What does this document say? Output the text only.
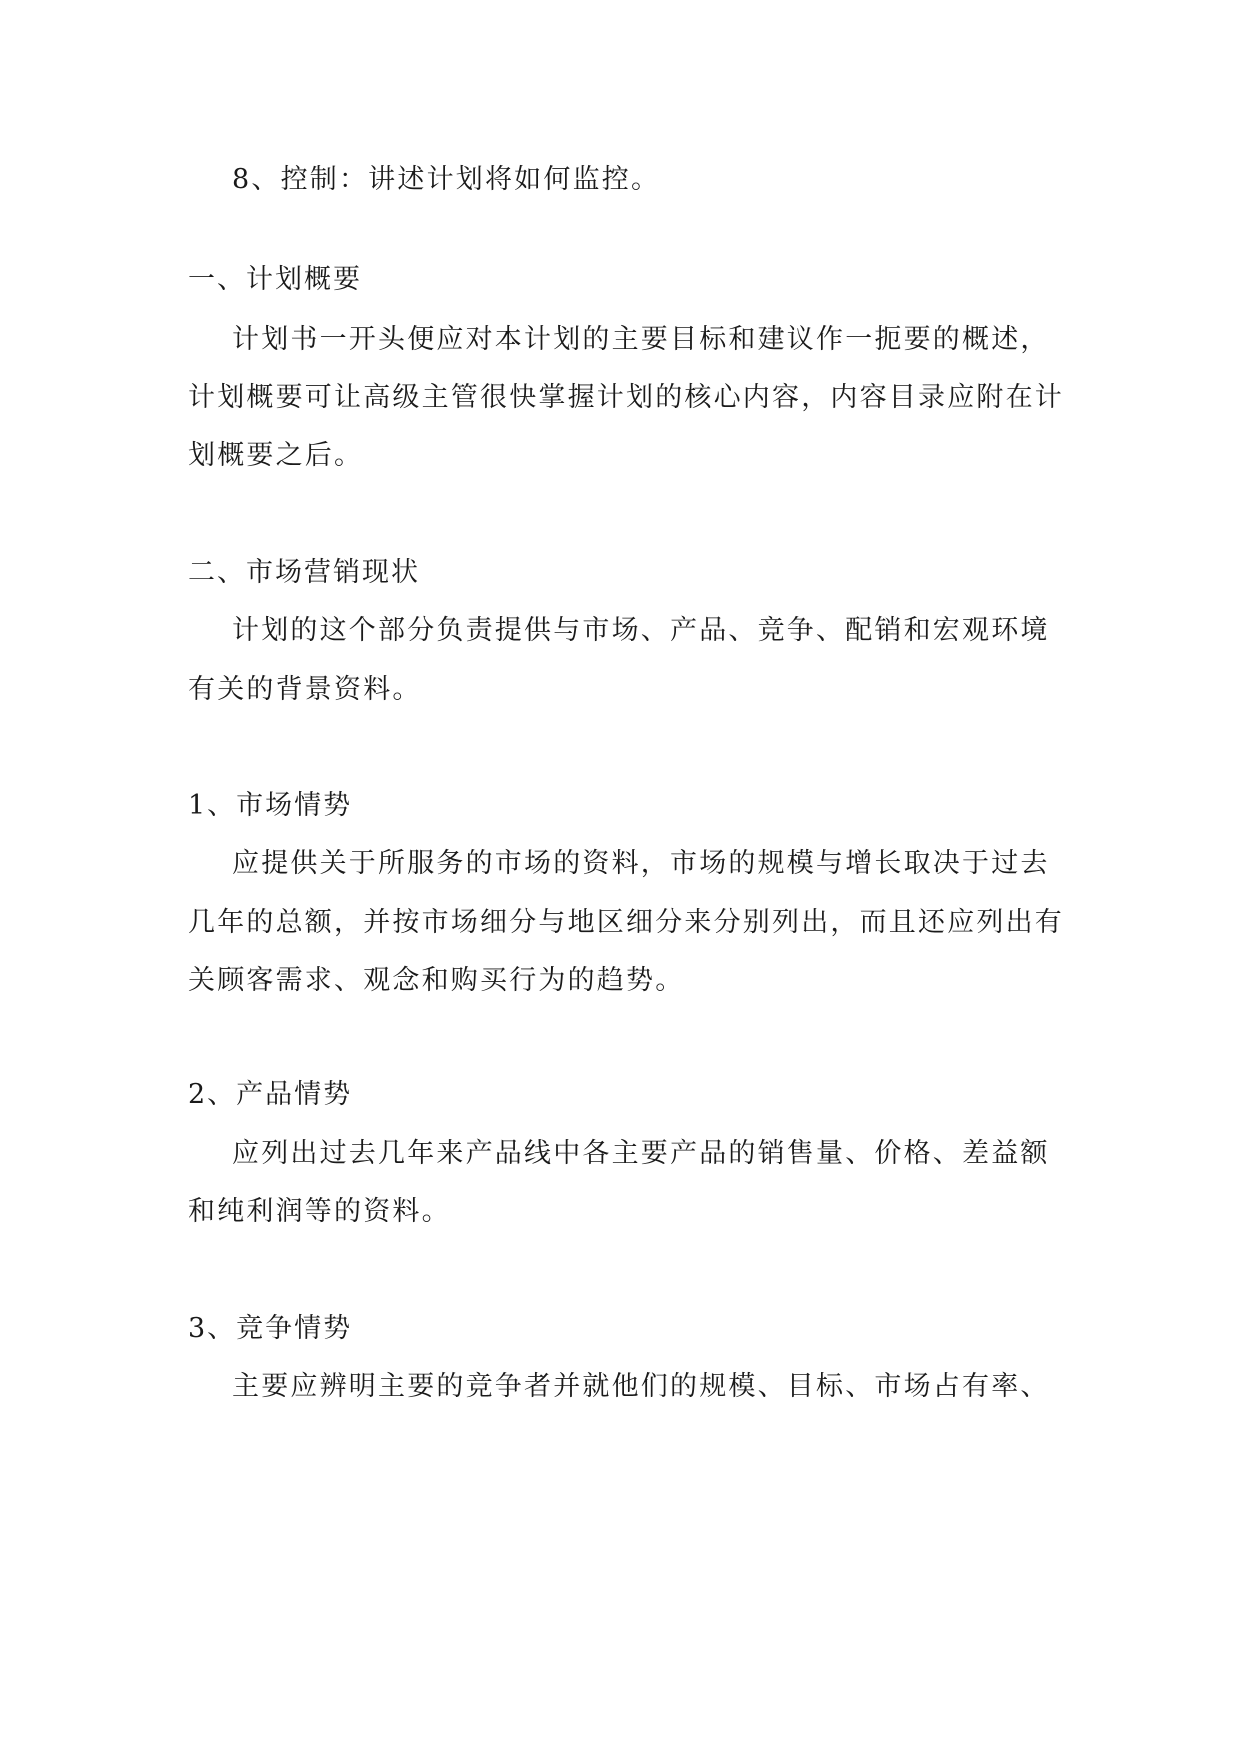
8、控制：讲述计划将如何监控。
一、计划概要
计划书一开头便应对本计划的主要目标和建议作一扼要的概述，
计划概要可让高级主管很快掌握计划的核心内容，内容目录应附在计
划概要之后。
二、市场营销现状
计划的这个部分负责提供与市场、产品、竞争、配销和宏观环境
有关的背景资料。
1、市场情势
应提供关于所服务的市场的资料，市场的规模与增长取决于过去
几年的总额，并按市场细分与地区细分来分别列出，而且还应列出有
关顾客需求、观念和购买行为的趋势。
2、产品情势
应列出过去几年来产品线中各主要产品的销售量、价格、差益额
和纯利润等的资料。
3、竞争情势
主要应辨明主要的竞争者并就他们的规模、目标、市场占有率、
